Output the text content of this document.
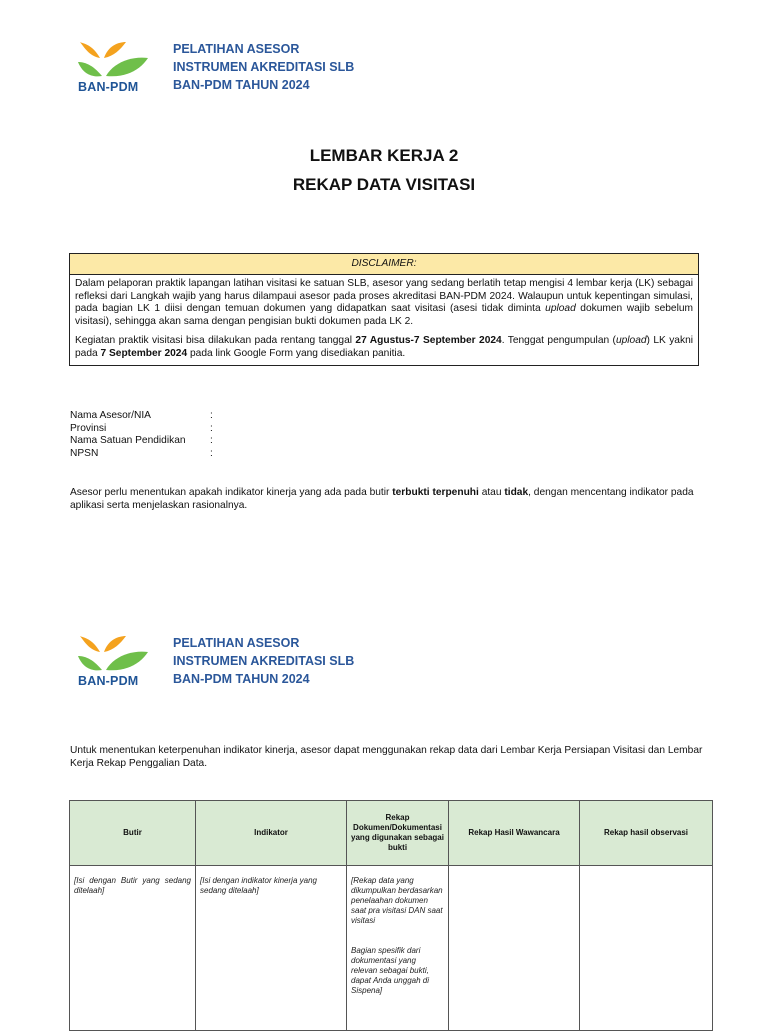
BAN-PDM
PELATIHAN ASESOR
INSTRUMEN AKREDITASI SLB
BAN-PDM TAHUN 2024
LEMBAR KERJA 2
REKAP DATA VISITASI
DISCLAIMER:

Dalam pelaporan praktik lapangan latihan visitasi ke satuan SLB, asesor yang sedang berlatih tetap mengisi 4 lembar kerja (LK) sebagai refleksi dari Langkah wajib yang harus dilampaui asesor pada proses akreditasi BAN-PDM 2024. Walaupun untuk kepentingan simulasi, pada bagian LK 1 diisi dengan temuan dokumen yang didapatkan saat visitasi (asesi tidak diminta upload dokumen wajib sebelum visitasi), sehingga akan sama dengan pengisian bukti dokumen pada LK 2.

Kegiatan praktik visitasi bisa dilakukan pada rentang tanggal 27 Agustus-7 September 2024. Tenggat pengumpulan (upload) LK yakni pada 7 September 2024 pada link Google Form yang disediakan panitia.

Nama Asesor/NIA	:
Provinsi	:
Nama Satuan Pendidikan	:
NPSN	:
Asesor perlu menentukan apakah indikator kinerja yang ada pada butir terbukti terpenuhi atau tidak, dengan mencentang indikator pada aplikasi serta menjelaskan rasionalnya.
BAN-PDM
PELATIHAN ASESOR
INSTRUMEN AKREDITASI SLB
BAN-PDM TAHUN 2024
Untuk menentukan keterpenuhan indikator kinerja, asesor dapat menggunakan rekap data dari Lembar Kerja Persiapan Visitasi dan Lembar Kerja Rekap Penggalian Data.
Butir	Indikator	Rekap Dokumen/Dokumentasi yang digunakan sebagai bukti	Rekap Hasil Wawancara	Rekap hasil observasi
[Isi dengan Butir yang sedang ditelaah]	[Isi dengan indikator kinerja yang sedang ditelaah]	[Rekap data yang dikumpulkan berdasarkan penelaahan dokumen saat pra visitasi DAN saat visitasi
Bagian spesifik dari dokumentasi yang relevan sebagai bukti, dapat Anda unggah di Sispena]		
